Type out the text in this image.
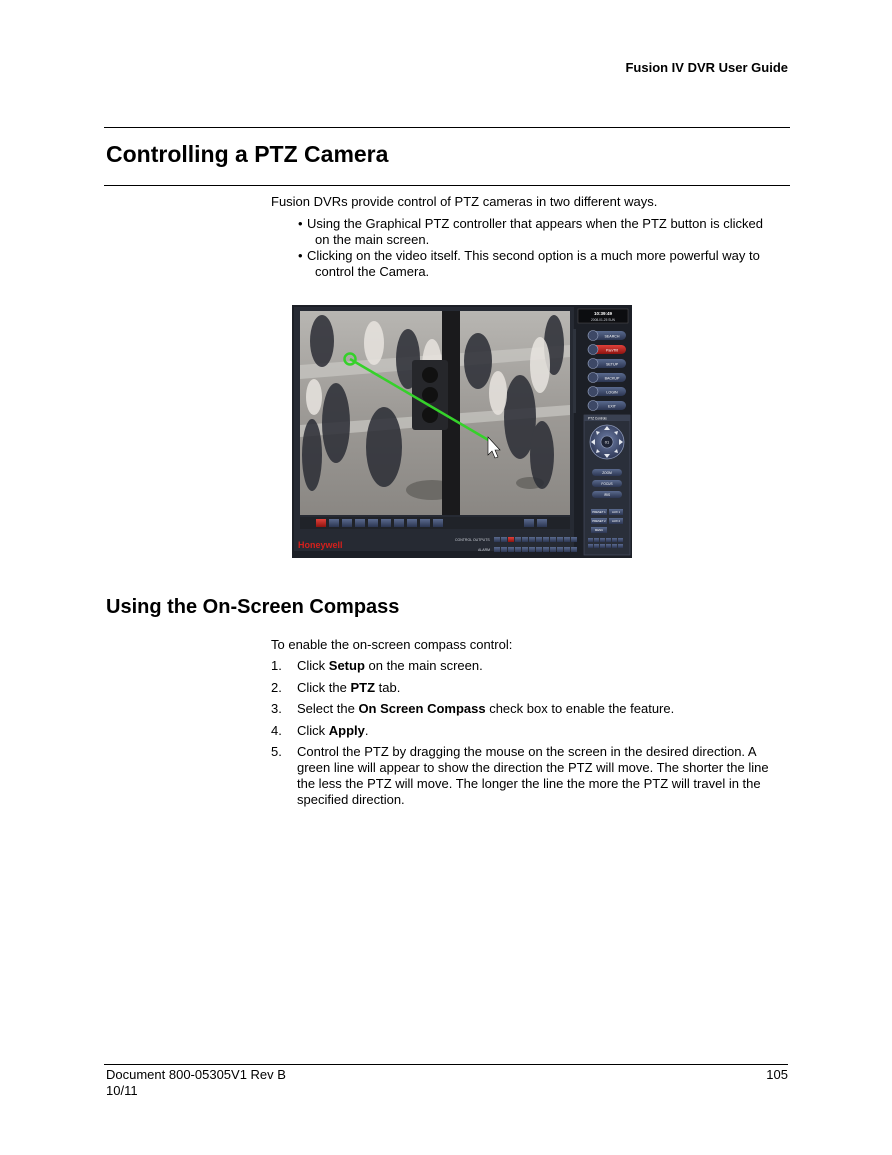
Fusion IV DVR User Guide
Controlling a PTZ Camera
Fusion DVRs provide control of PTZ cameras in two different ways.
• Using the Graphical PTZ controller that appears when the PTZ button is clicked
on the main screen.
• Clicking on the video itself. This second option is a much more powerful way to
control the Camera.
Honeywell	CONTROL OUTPUTS
ALARM
10:39:49
2008-01-25 SUN
SEARCH
Pan/Tilt
SETUP
BACKUP
LOGIN
EXIT
PTZ Controls
01
ZOOM
FOCUS
IRIS
PRESET 1 AUX 1
PRESET 2 AUX 2
MENU
Using the On-Screen Compass
To enable the on-screen compass control:
1. Click Setup on the main screen.
2. Click the PTZ tab.
3. Select the On Screen Compass check box to enable the feature.
4. Click Apply.
5. Control the PTZ by dragging the mouse on the screen in the desired direction. A
green line will appear to show the direction the PTZ will move. The shorter the line
the less the PTZ will move. The longer the line the more the PTZ will travel in the
specified direction.
Document 800-05305V1 Rev B
10/11
105
